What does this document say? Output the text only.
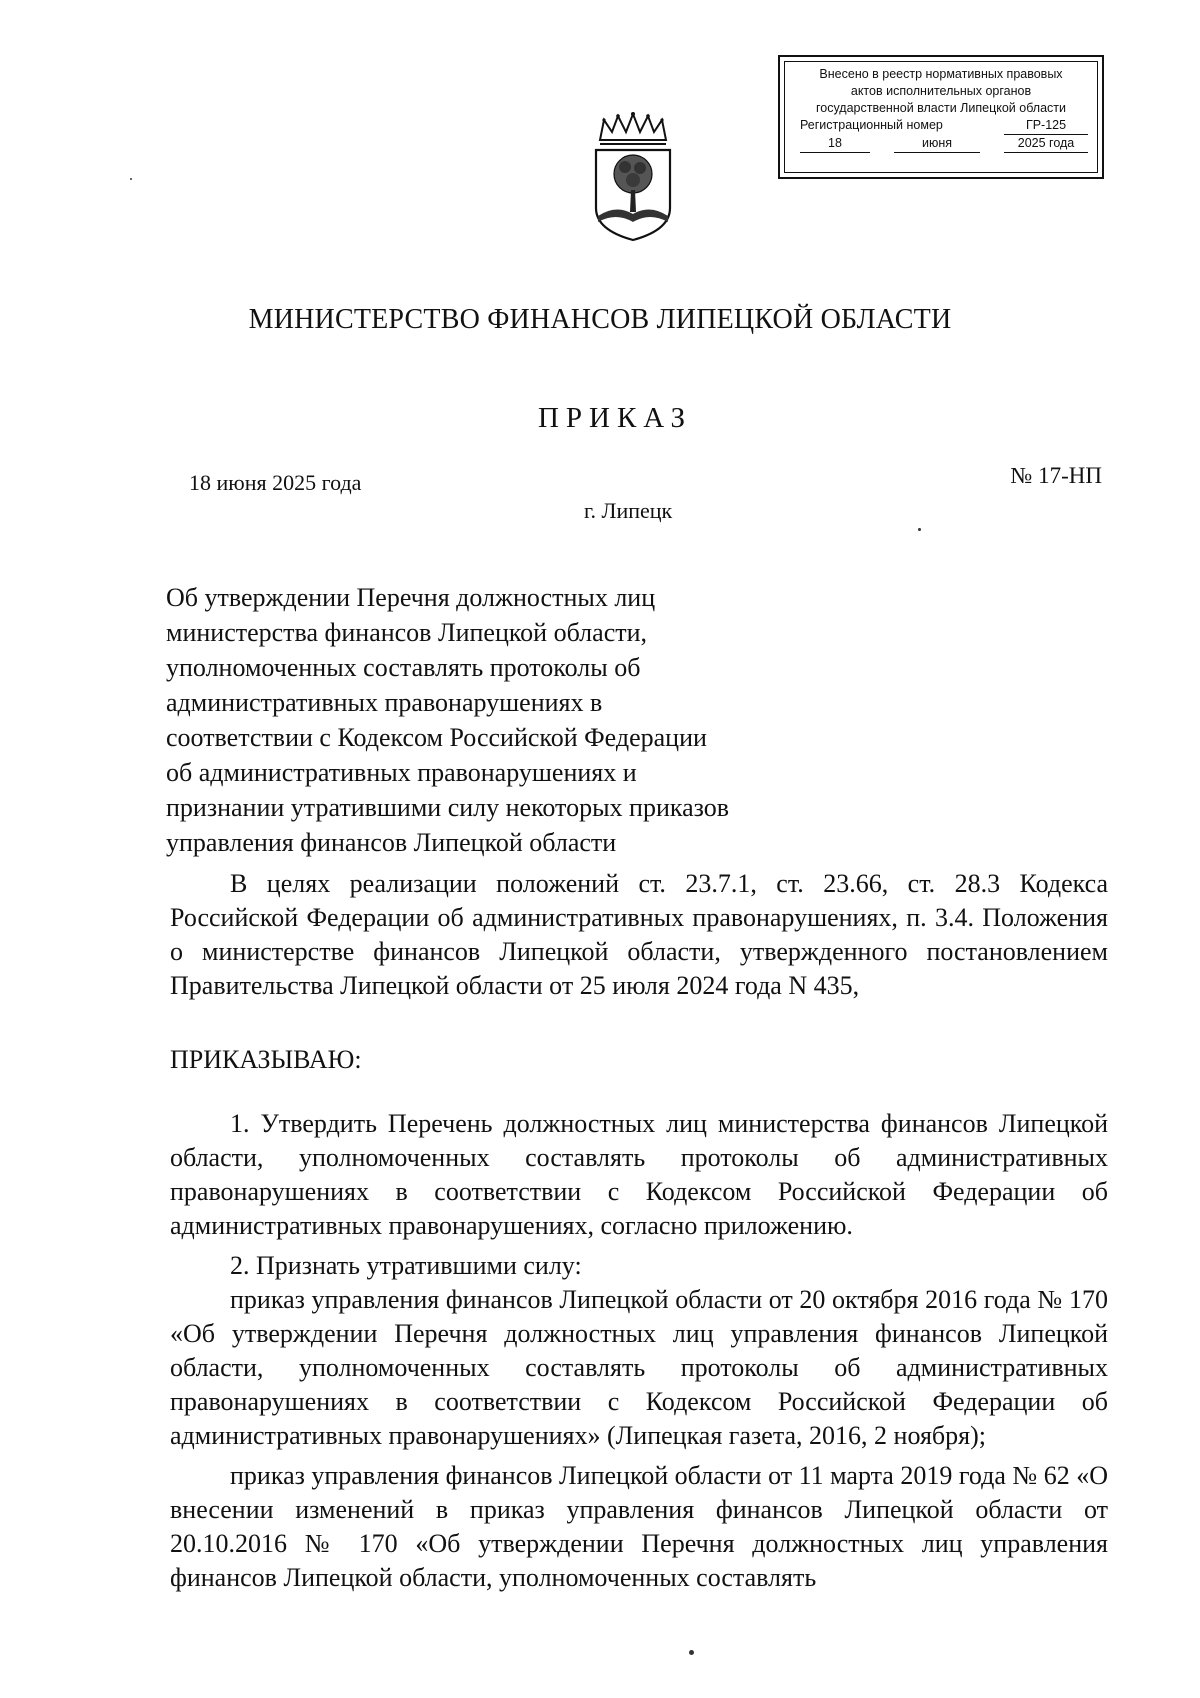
Внесено в реестр нормативных правовых
актов исполнительных органов
государственной власти Липецкой области
Регистрационный номер	ГР-125
18	июня	2025 года
МИНИСТЕРСТВО ФИНАНСОВ ЛИПЕЦКОЙ ОБЛАСТИ
ПРИКАЗ
18 июня 2025 года	№ 17-НП
г. Липецк
Об утверждении Перечня должностных лиц
министерства финансов Липецкой области,
уполномоченных составлять протоколы об
административных правонарушениях в
соответствии с Кодексом Российской Федерации
об административных правонарушениях и
признании утратившими силу некоторых приказов
управления финансов Липецкой области

В целях реализации положений ст. 23.7.1, ст. 23.66, ст. 28.3 Кодекса Российской Федерации об административных правонарушениях, п. 3.4. Положения о министерстве финансов Липецкой области, утвержденного постановлением Правительства Липецкой области от 25 июля 2024 года N 435,

ПРИКАЗЫВАЮ:

1. Утвердить Перечень должностных лиц министерства финансов Липецкой области, уполномоченных составлять протоколы об административных правонарушениях в соответствии с Кодексом Российской Федерации об административных правонарушениях, согласно приложению.

2. Признать утратившими силу:

приказ управления финансов Липецкой области от 20 октября 2016 года № 170 «Об утверждении Перечня должностных лиц управления финансов Липецкой области, уполномоченных составлять протоколы об административных правонарушениях в соответствии с Кодексом Российской Федерации об административных правонарушениях» (Липецкая газета, 2016, 2 ноября);

приказ управления финансов Липецкой области от 11 марта 2019 года № 62 «О внесении изменений в приказ управления финансов Липецкой области от 20.10.2016 № 170 «Об утверждении Перечня должностных лиц управления финансов Липецкой области, уполномоченных составлять
